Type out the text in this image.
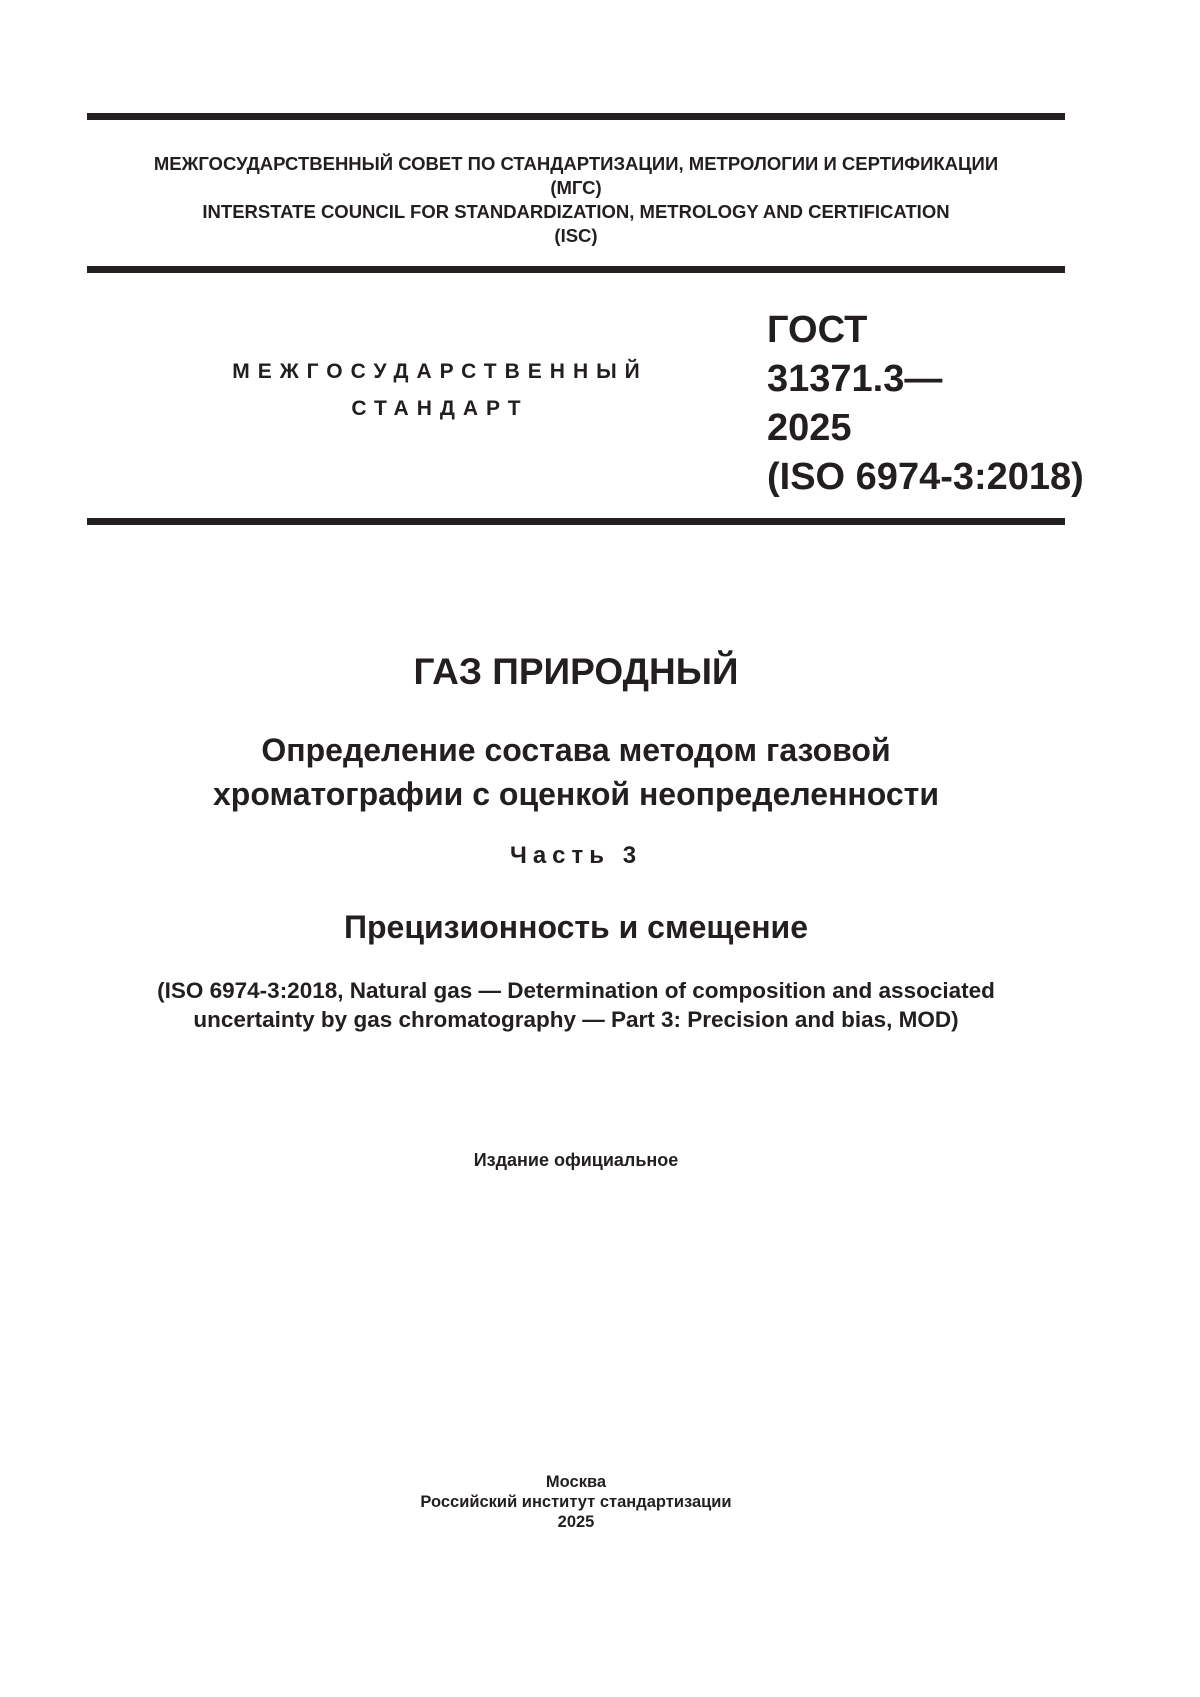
МЕЖГОСУДАРСТВЕННЫЙ СОВЕТ ПО СТАНДАРТИЗАЦИИ, МЕТРОЛОГИИ И СЕРТИФИКАЦИИ
(МГС)
INTERSTATE COUNCIL FOR STANDARDIZATION, METROLOGY AND CERTIFICATION
(ISC)
МЕЖГОСУДАРСТВЕННЫЙ
СТАНДАРТ
ГОСТ
31371.3—
2025
(ISO 6974-3:2018)
ГАЗ ПРИРОДНЫЙ
Определение состава методом газовой
хроматографии с оценкой неопределенности
Часть 3
Прецизионность и смещение
(ISO 6974-3:2018, Natural gas — Determination of composition and associated
uncertainty by gas chromatography — Part 3: Precision and bias, MOD)
Издание официальное
Москва
Российский институт стандартизации
2025
